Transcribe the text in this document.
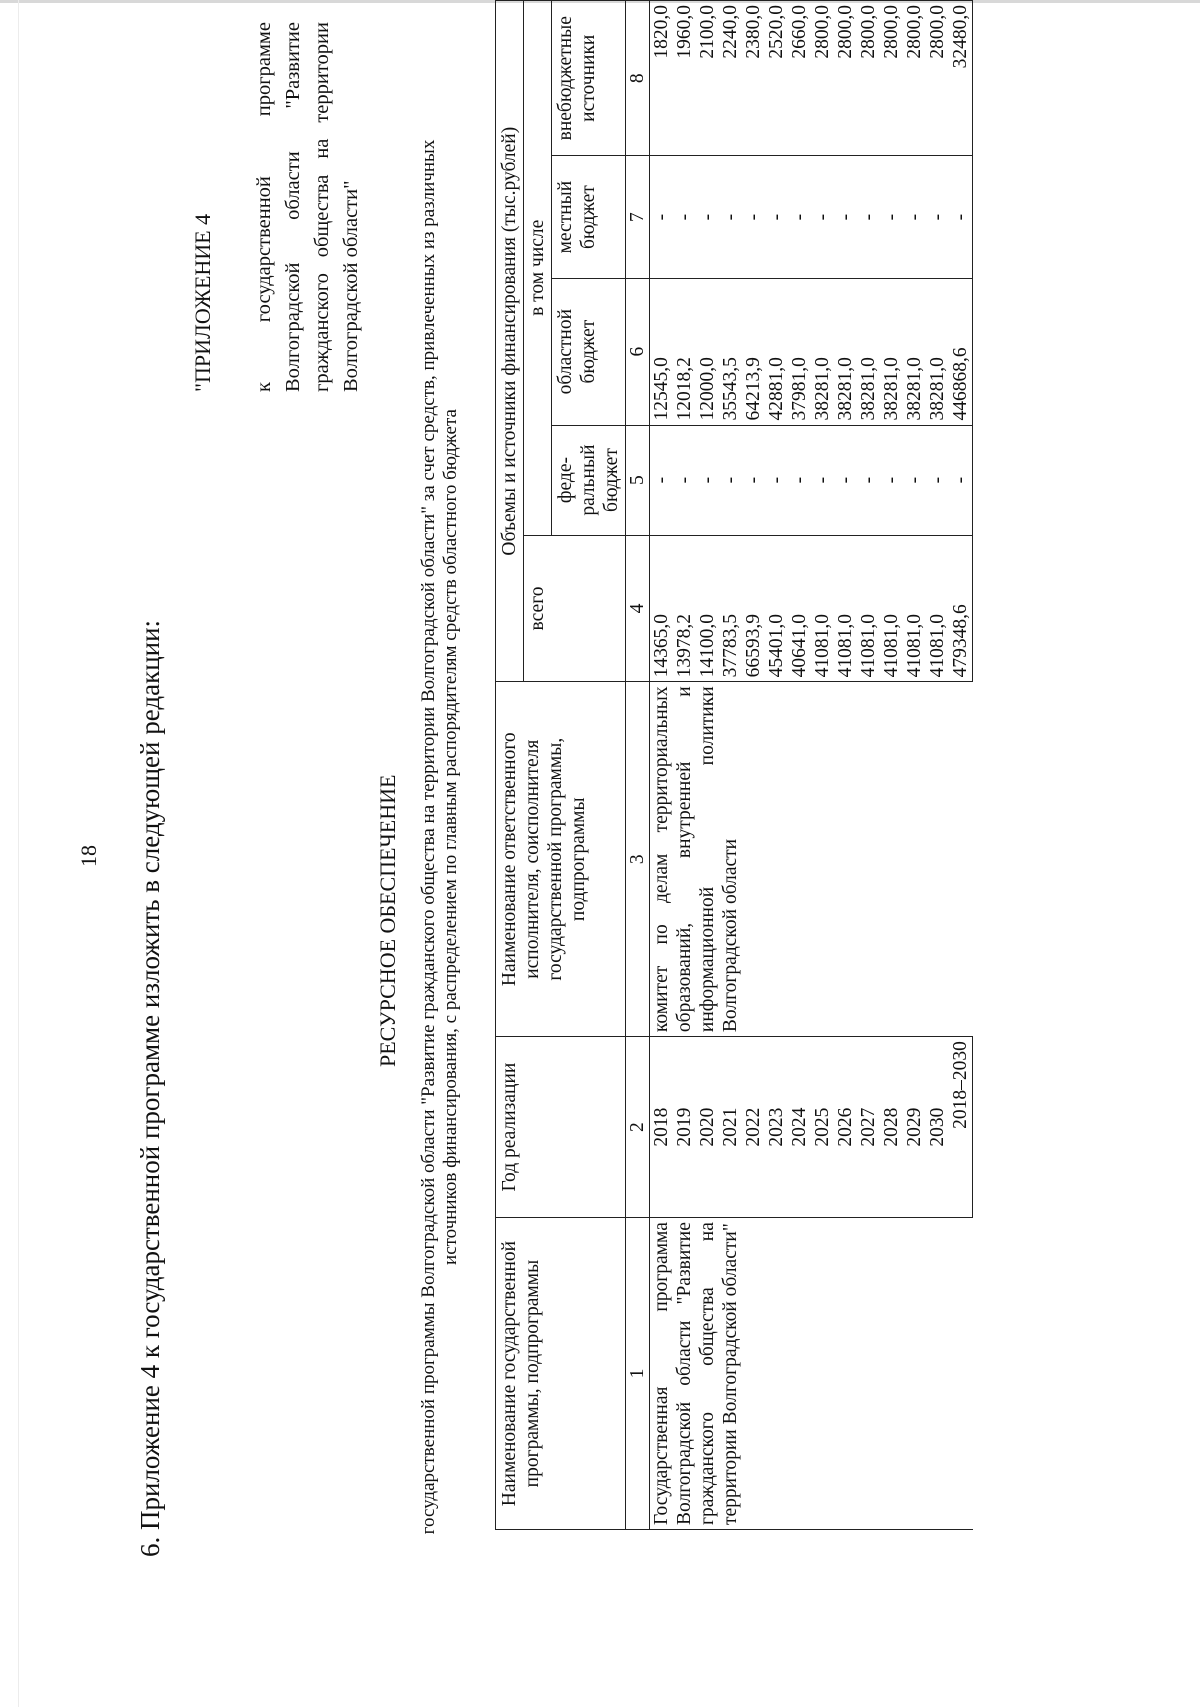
18 6. Приложение 4 к государственной программе изложить в следующей редакции:
"ПРИЛОЖЕНИЕ 4 к государственной программе Волгоградской области "Развитие гражданского общества на территории Волгоградской области"
РЕСУРСНОЕ ОБЕСПЕЧЕНИЕ государственной программы Волгоградской области "Развитие гражданского общества на территории Волгоградской области" за счет средств, привлеченных из различных источников финансирования, с распределением по главным распорядителям средств областного бюджета
Наименование государственной программы, подпрограммы	Год реализации	Наименование ответственного исполнителя, соисполнителя государственной программы, подпрограммы	Объемы и источники финансирования (тыс.рублей)				
			всего	в том числе			
				феде-ральный бюджет	областной бюджет	местный бюджет	внебюджетные источники
1	2	3	4	5	6	7	8
Государственная программа Волгоградской области "Развитие гражданского общества на территории Волгоградской области"	2018	комитет по делам территориальных образований, внутренней и информационной политики Волгоградской области	14365,0	-	12545,0	-	1820,0
	2019		13978,2	-	12018,2	-	1960,0
	2020		14100,0	-	12000,0	-	2100,0
	2021		37783,5	-	35543,5	-	2240,0
	2022		66593,9	-	64213,9	-	2380,0
	2023		45401,0	-	42881,0	-	2520,0
	2024		40641,0	-	37981,0	-	2660,0
	2025		41081,0	-	38281,0	-	2800,0
	2026		41081,0	-	38281,0	-	2800,0
	2027		41081,0	-	38281,0	-	2800,0
	2028		41081,0	-	38281,0	-	2800,0
	2029		41081,0	-	38281,0	-	2800,0
	2030		41081,0	-	38281,0	-	2800,0
	2018–2030		479348,6	-	446868,6	-	32480,0
